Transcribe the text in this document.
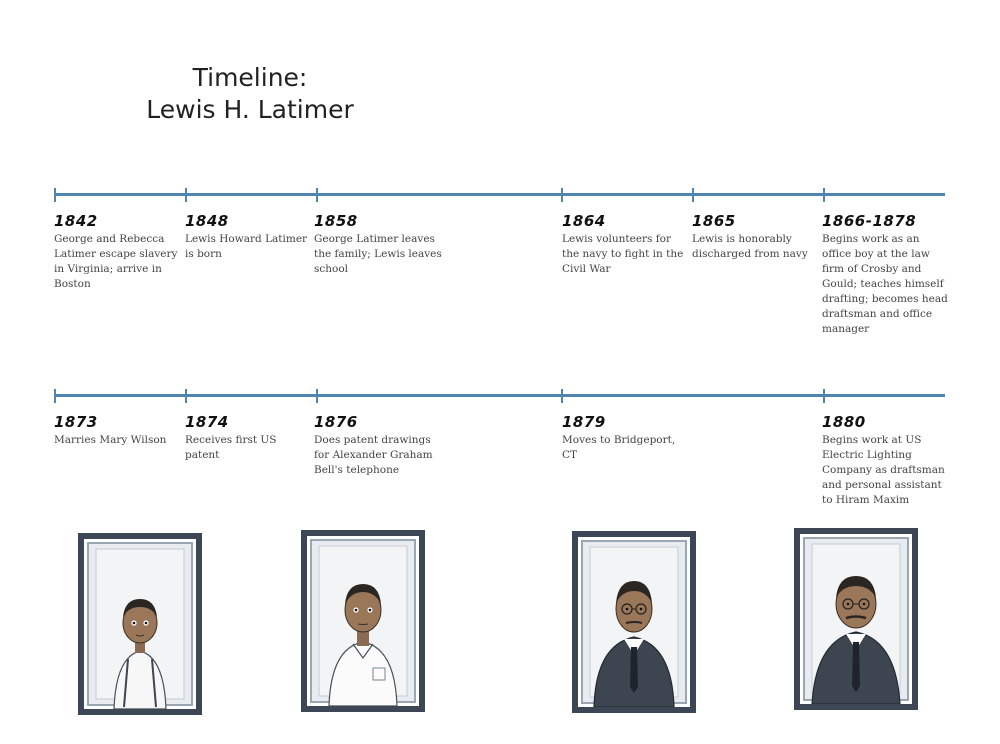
Timeline:
Lewis H. Latimer
1842
George and Rebecca Latimer escape slavery in Virginia; arrive in Boston
1848
Lewis Howard Latimer is born
1858
George Latimer leaves the family; Lewis leaves school
1864
Lewis volunteers for the navy to fight in the Civil War
1865
Lewis is honorably discharged from navy
1866-1878
Begins work as an office boy at the law firm of Crosby and Gould; teaches himself drafting; becomes head draftsman and office manager
1873
Marries Mary Wilson
1874
Receives first US patent
1876
Does patent drawings for Alexander Graham Bell's telephone
1879
Moves to Bridgeport, CT
1880
Begins work at US Electric Lighting Company as draftsman and personal assistant to Hiram Maxim
